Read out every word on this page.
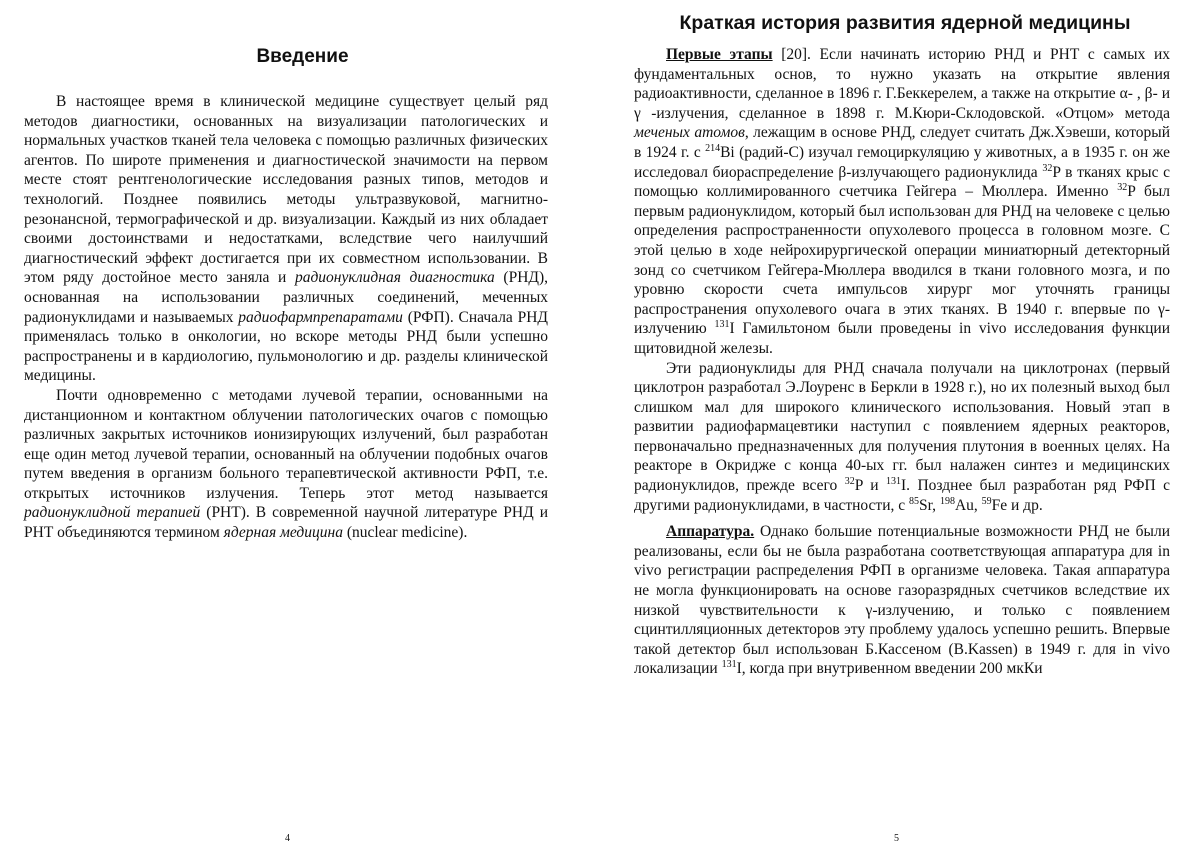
Введение

В настоящее время в клинической медицине существует целый ряд методов диагностики, основанных на визуализации патологических и нормальных участков тканей тела человека с помощью различных физических агентов. По широте применения и диагностической значимости на первом месте стоят рентгенологические исследования разных типов, методов и технологий. Позднее появились методы ультразвуковой, магнитно-резонансной, термографической и др. визуализации. Каждый из них обладает своими достоинствами и недостатками, вследствие чего наилучший диагностический эффект достигается при их совместном использовании. В этом ряду достойное место заняла и радионуклидная диагностика (РНД), основанная на использовании различных соединений, меченных радионуклидами и называемых радиофармпрепаратами (РФП). Сначала РНД применялась только в онкологии, но вскоре методы РНД были успешно распространены и в кардиологию, пульмонологию и др. разделы клинической медицины.

Почти одновременно с методами лучевой терапии, основанными на дистанционном и контактном облучении патологических очагов с помощью различных закрытых источников ионизирующих излучений, был разработан еще один метод лучевой терапии, основанный на облучении подобных очагов путем введения в организм больного терапевтической активности РФП, т.е. открытых источников излучения. Теперь этот метод называется радионуклидной терапией (РНТ). В современной научной литературе РНД и РНТ объединяются термином ядерная медицина (nuclear medicine).

4
Краткая история развития ядерной медицины

Первые этапы [20]. Если начинать историю РНД и РНТ с самых их фундаментальных основ, то нужно указать на открытие явления радиоактивности, сделанное в 1896 г. Г.Беккерелем, а также на открытие α- , β- и γ -излучения, сделанное в 1898 г. М.Кюри-Склодовской. «Отцом» метода меченых атомов, лежащим в основе РНД, следует считать Дж.Хэвеши, который в 1924 г. с $^{214}$Bi (радий-С) изучал гемоциркуляцию у животных, а в 1935 г. он же исследовал биораспределение β-излучающего радионуклида $^{32}$P в тканях крыс с помощью коллимированного счетчика Гейгера – Мюллера. Именно $^{32}$P был первым радионуклидом, который был использован для РНД на человеке с целью определения распространенности опухолевого процесса в головном мозге. С этой целью в ходе нейрохирургической операции миниатюрный детекторный зонд со счетчиком Гейгера-Мюллера вводился в ткани головного мозга, и по уровню скорости счета импульсов хирург мог уточнять границы распространения опухолевого очага в этих тканях. В 1940 г. впервые по γ-излучению $^{131}$I Гамильтоном были проведены in vivo исследования функции щитовидной железы.

Эти радионуклиды для РНД сначала получали на циклотронах (первый циклотрон разработал Э.Лоуренс в Беркли в 1928 г.), но их полезный выход был слишком мал для широкого клинического использования. Новый этап в развитии радиофармацевтики наступил с появлением ядерных реакторов, первоначально предназначенных для получения плутония в военных целях. На реакторе в Окридже с конца 40-ых гг. был налажен синтез и медицинских радионуклидов, прежде всего $^{32}$P и $^{131}$I. Позднее был разработан ряд РФП с другими радионуклидами, в частности, с $^{85}$Sr, $^{198}$Au, $^{59}$Fe и др.

Аппаратура. Однако большие потенциальные возможности РНД не были реализованы, если бы не была разработана соответствующая аппаратура для in vivo регистрации распределения РФП в организме человека. Такая аппаратура не могла функционировать на основе газоразрядных счетчиков вследствие их низкой чувствительности к γ-излучению, и только с появлением сцинтилляционных детекторов эту проблему удалось успешно решить. Впервые такой детектор был использован Б.Кассеном (B.Kassen) в 1949 г. для in vivo локализации $^{131}$I, когда при внутривенном введении 200 мкКи

5
